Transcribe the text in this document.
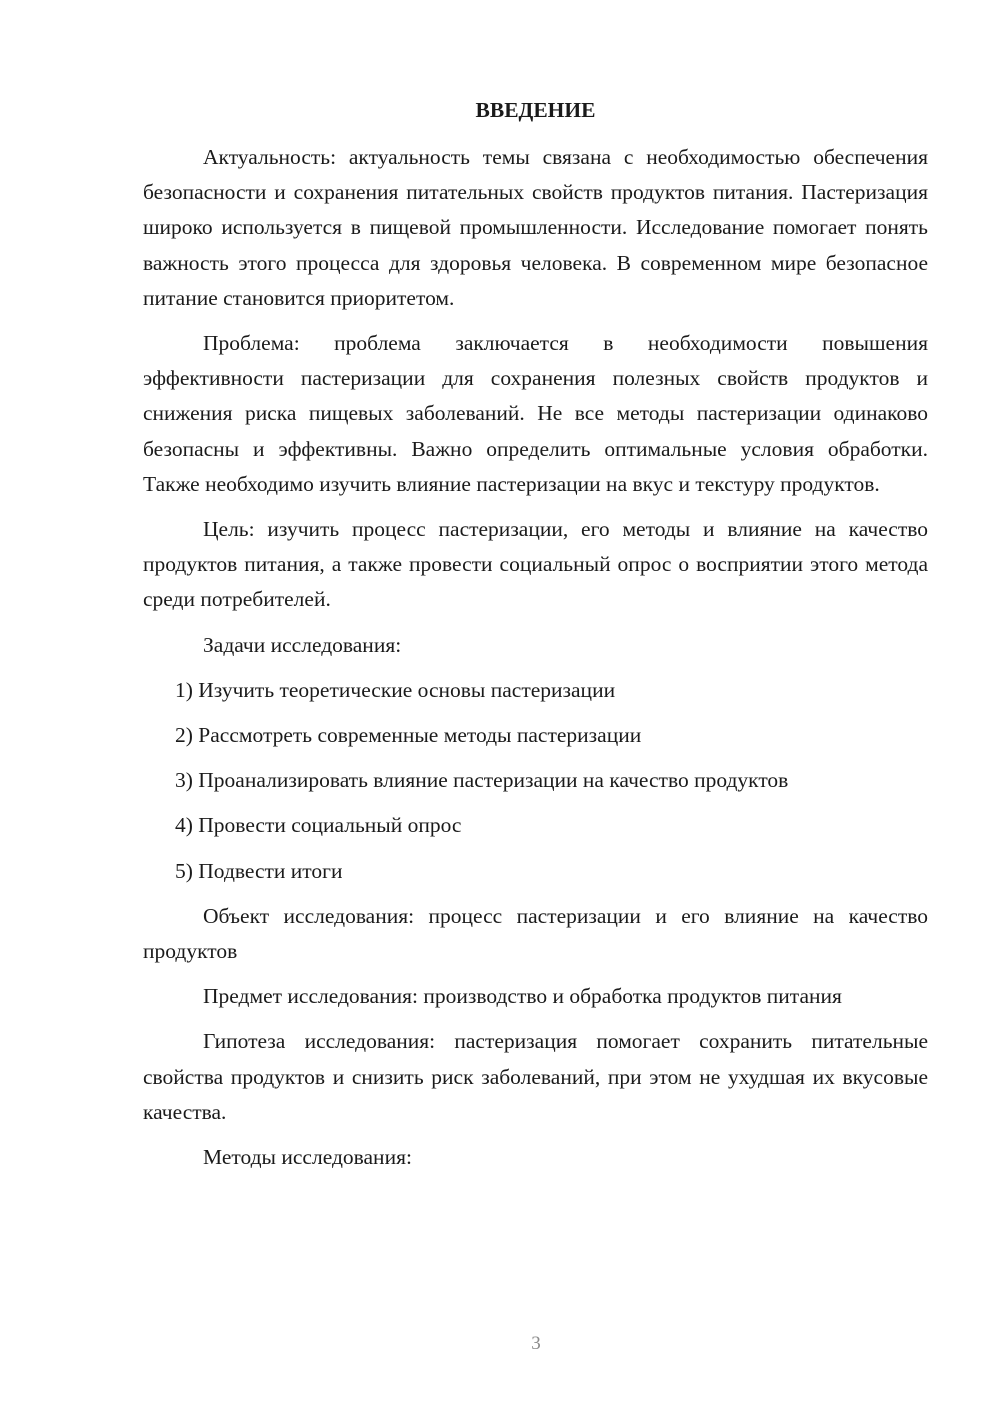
ВВЕДЕНИЕ

Актуальность: актуальность темы связана с необходимостью обеспечения безопасности и сохранения питательных свойств продуктов питания. Пастеризация широко используется в пищевой промышленности. Исследование помогает понять важность этого процесса для здоровья человека. В современном мире безопасное питание становится приоритетом.

Проблема: проблема заключается в необходимости повышения эффективности пастеризации для сохранения полезных свойств продуктов и снижения риска пищевых заболеваний. Не все методы пастеризации одинаково безопасны и эффективны. Важно определить оптимальные условия обработки. Также необходимо изучить влияние пастеризации на вкус и текстуру продуктов.

Цель: изучить процесс пастеризации, его методы и влияние на качество продуктов питания, а также провести социальный опрос о восприятии этого метода среди потребителей.

Задачи исследования:

1) Изучить теоретические основы пастеризации
2) Рассмотреть современные методы пастеризации
3) Проанализировать влияние пастеризации на качество продуктов
4) Провести социальный опрос
5) Подвести итоги

Объект исследования: процесс пастеризации и его влияние на качество продуктов

Предмет исследования: производство и обработка продуктов питания

Гипотеза исследования: пастеризация помогает сохранить питательные свойства продуктов и снизить риск заболеваний, при этом не ухудшая их вкусовые качества.

Методы исследования:

3
